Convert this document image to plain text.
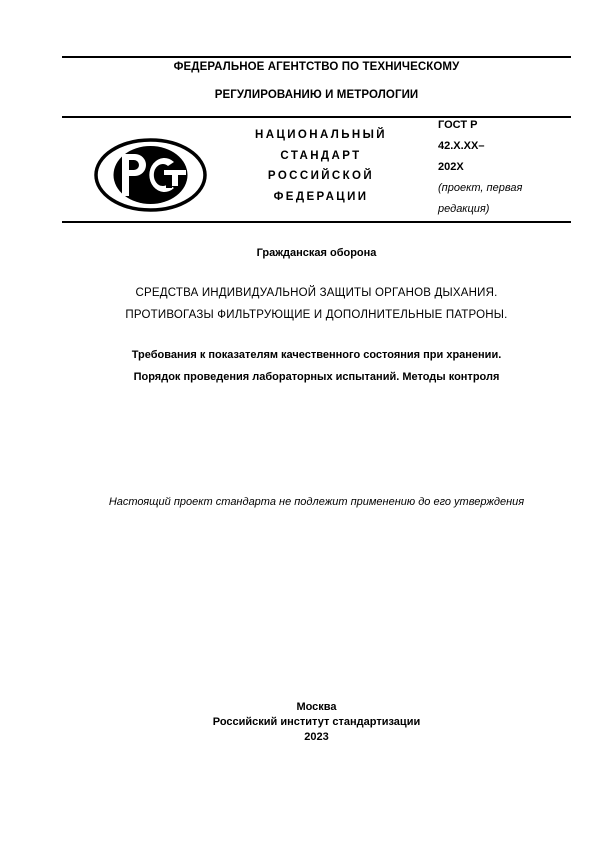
ФЕДЕРАЛЬНОЕ АГЕНТСТВО ПО ТЕХНИЧЕСКОМУ
РЕГУЛИРОВАНИЮ И МЕТРОЛОГИИ
НАЦИОНАЛЬНЫЙ
СТАНДАРТ
РОССИЙСКОЙ
ФЕДЕРАЦИИ
ГОСТ Р
42.Х.ХХ–
202Х
(проект, первая
редакция)
Гражданская оборона
СРЕДСТВА ИНДИВИДУАЛЬНОЙ ЗАЩИТЫ ОРГАНОВ ДЫХАНИЯ.
ПРОТИВОГАЗЫ ФИЛЬТРУЮЩИЕ И ДОПОЛНИТЕЛЬНЫЕ ПАТРОНЫ.
Требования к показателям качественного состояния при хранении.
Порядок проведения лабораторных испытаний. Методы контроля
Настоящий проект стандарта не подлежит применению до его утверждения
Москва
Российский институт стандартизации
2023
